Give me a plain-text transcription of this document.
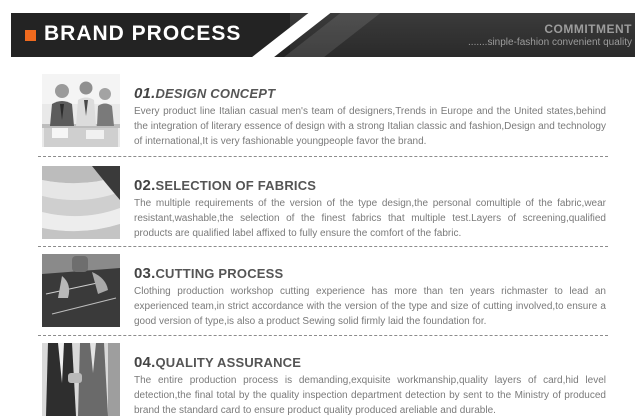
BRAND PROCESS	COMMITMENT
.......sinple-fashion convenient quality
01.DESIGN CONCEPT
Every product line Italian casual men's team of designers,Trends in Europe and the United states,behind the integration of literary essence of design with a strong Italian classic and fashion,Design and technology of international,It is very fashionable youngpeople favor the brand.
02.SELECTION OF FABRICS
The multiple requirements of the version of the type design,the personal comultiple of the fabric,wear resistant,washable,the selection of the finest fabrics that multiple test.Layers of screening,qualified products are qualified label affixed to fully ensure the comfort of the fabric.
03.CUTTING PROCESS
Clothing production workshop cutting experience has more than ten years richmaster to lead an experienced team,in strict accordance with the version of the type and size of cutting involved,to ensure a good version of type,is also a product Sewing solid firmly laid the foundation for.
04.QUALITY ASSURANCE
The entire production process is demanding,exquisite workmanship,quality layers of card,hid level detection,the final total by the quality inspection department detection by sent to the Ministry of produced brand the standard card to ensure product quality produced areliable and durable.
